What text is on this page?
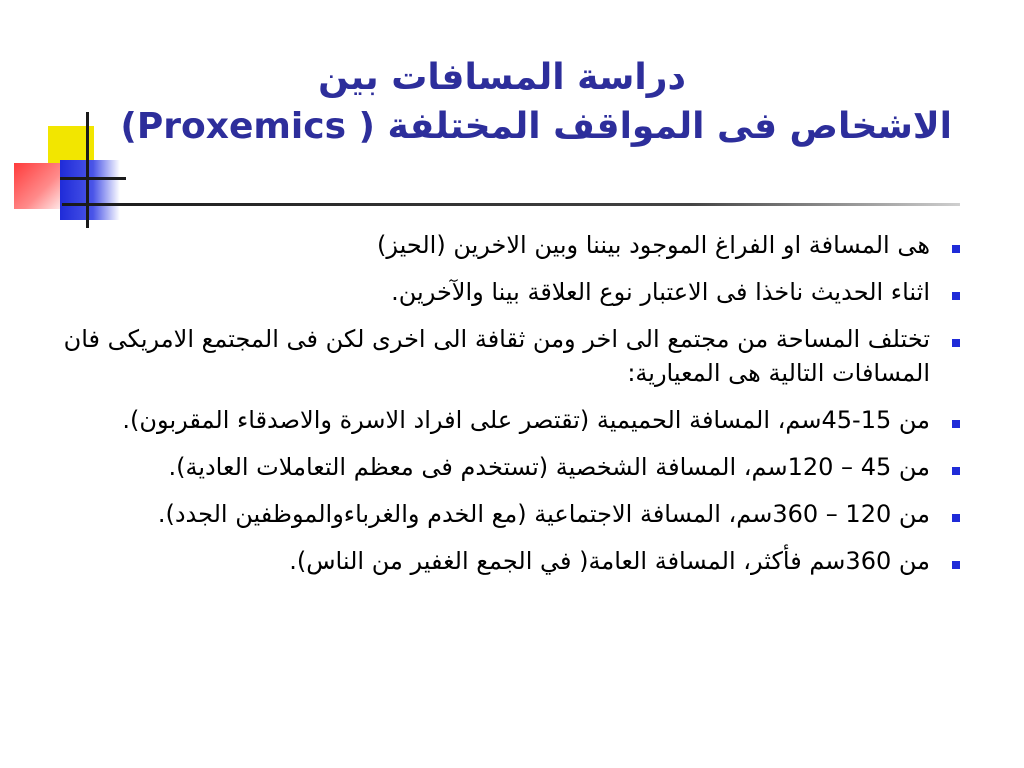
دراسة المسافات بين
الاشخاص فى المواقف المختلفة ( Proxemics)
هى المسافة او الفراغ الموجود بيننا وبين الاخرين (الحيز)
اثناء الحديث ناخذا فى الاعتبار نوع العلاقة بينا والآخرين.
تختلف المساحة من مجتمع الى اخر ومن ثقافة الى اخرى لكن فى المجتمع الامريكى فان المسافات التالية هى المعيارية:
من 15-45سم، المسافة الحميمية (تقتصر على افراد الاسرة والاصدقاء المقربون).
من 45 – 120سم، المسافة الشخصية (تستخدم فى معظم التعاملات العادية).
من 120 – 360سم، المسافة الاجتماعية (مع الخدم والغرباءوالموظفين الجدد).
من 360سم فأكثر، المسافة العامة( في الجمع الغفير من الناس).
